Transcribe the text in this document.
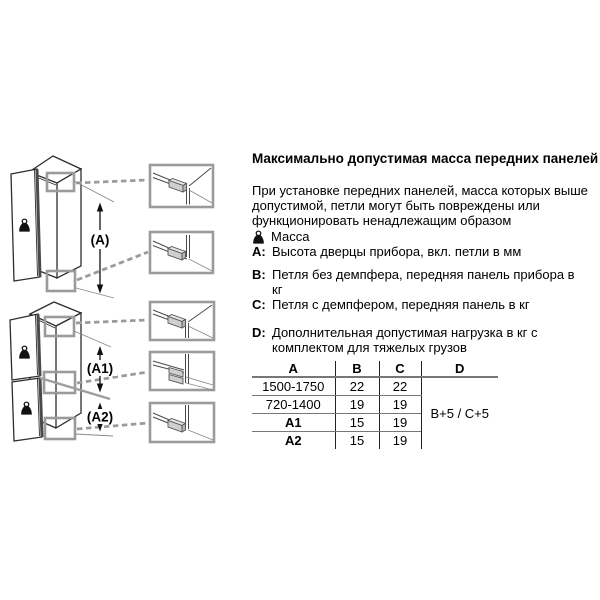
(A)
(A1)
(A2)
Максимально допустимая масса передних панелей

При установке передних панелей, масса которых выше допустимой, петли могут быть повреждены или функционировать ненадлежащим образом

Масса
A: Высота дверцы прибора, вкл. петли в мм
B: Петля без демпфера, передняя панель прибора в кг
C: Петля с демпфером, передняя панель в кг
D: Дополнительная допустимая нагрузка в кг с комплектом для тяжелых грузов
A	B	C	D
1500-1750	22	22	B+5 / C+5
720-1400	19	19	
A1	15	19	
A2	15	19	
